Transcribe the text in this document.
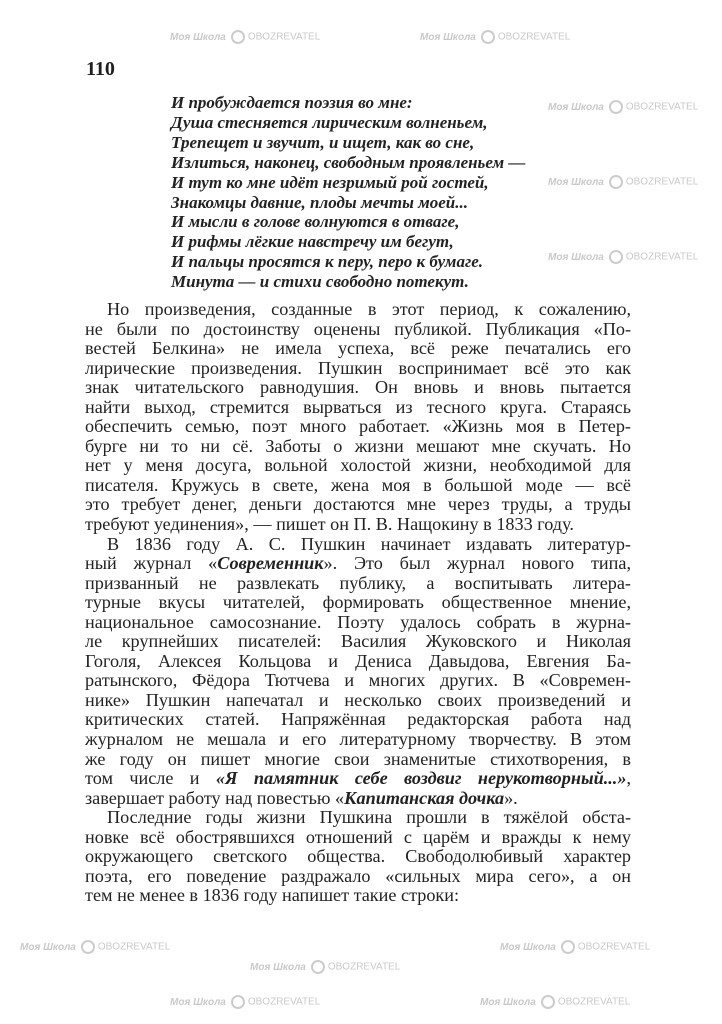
Моя Школа OBOZREVATEL	Моя Школа OBOZREVATEL
Моя Школа OBOZREVATEL
Моя Школа OBOZREVATEL
Моя Школа OBOZREVATEL
Моя Школа OBOZREVATEL
Моя Школа OBOZREVATEL
Моя Школа OBOZREVATEL
Моя Школа OBOZREVATEL	Моя Школа OBOZREVATEL
110
И пробуждается поэзия во мне:
Душа стесняется лирическим волненьем,
Трепещет и звучит, и ищет, как во сне,
Излиться, наконец, свободным проявленьем —
И тут ко мне идёт незримый рой гостей,
Знакомцы давние, плоды мечты моей...
И мысли в голове волнуются в отваге,
И рифмы лёгкие навстречу им бегут,
И пальцы просятся к перу, перо к бумаге.
Минута — и стихи свободно потекут.
Но произведения, созданные в этот период, к сожалению,
не были по достоинству оценены публикой. Публикация «По-
вестей Белкина» не имела успеха, всё реже печатались его
лирические произведения. Пушкин воспринимает всё это как
знак читательского равнодушия. Он вновь и вновь пытается
найти выход, стремится вырваться из тесного круга. Стараясь
обеспечить семью, поэт много работает. «Жизнь моя в Петер-
бурге ни то ни сё. Заботы о жизни мешают мне скучать. Но
нет у меня досуга, вольной холостой жизни, необходимой для
писателя. Кружусь в свете, жена моя в большой моде — всё
это требует денег, деньги достаются мне через труды, а труды
требуют уединения», — пишет он П. В. Нащокину в 1833 году.
В 1836 году А. С. Пушкин начинает издавать литератур-
ный журнал «Современник». Это был журнал нового типа,
призванный не развлекать публику, а воспитывать литера-
турные вкусы читателей, формировать общественное мнение,
национальное самосознание. Поэту удалось собрать в журна-
ле крупнейших писателей: Василия Жуковского и Николая
Гоголя, Алексея Кольцова и Дениса Давыдова, Евгения Ба-
ратынского, Фёдора Тютчева и многих других. В «Современ-
нике» Пушкин напечатал и несколько своих произведений и
критических статей. Напряжённая редакторская работа над
журналом не мешала и его литературному творчеству. В этом
же году он пишет многие свои знаменитые стихотворения, в
том числе и «Я памятник себе воздвиг нерукотворный...»,
завершает работу над повестью «Капитанская дочка».
Последние годы жизни Пушкина прошли в тяжёлой обста-
новке всё обострявшихся отношений с царём и вражды к нему
окружающего светского общества. Свободолюбивый характер
поэта, его поведение раздражало «сильных мира сего», а он
тем не менее в 1836 году напишет такие строки:
